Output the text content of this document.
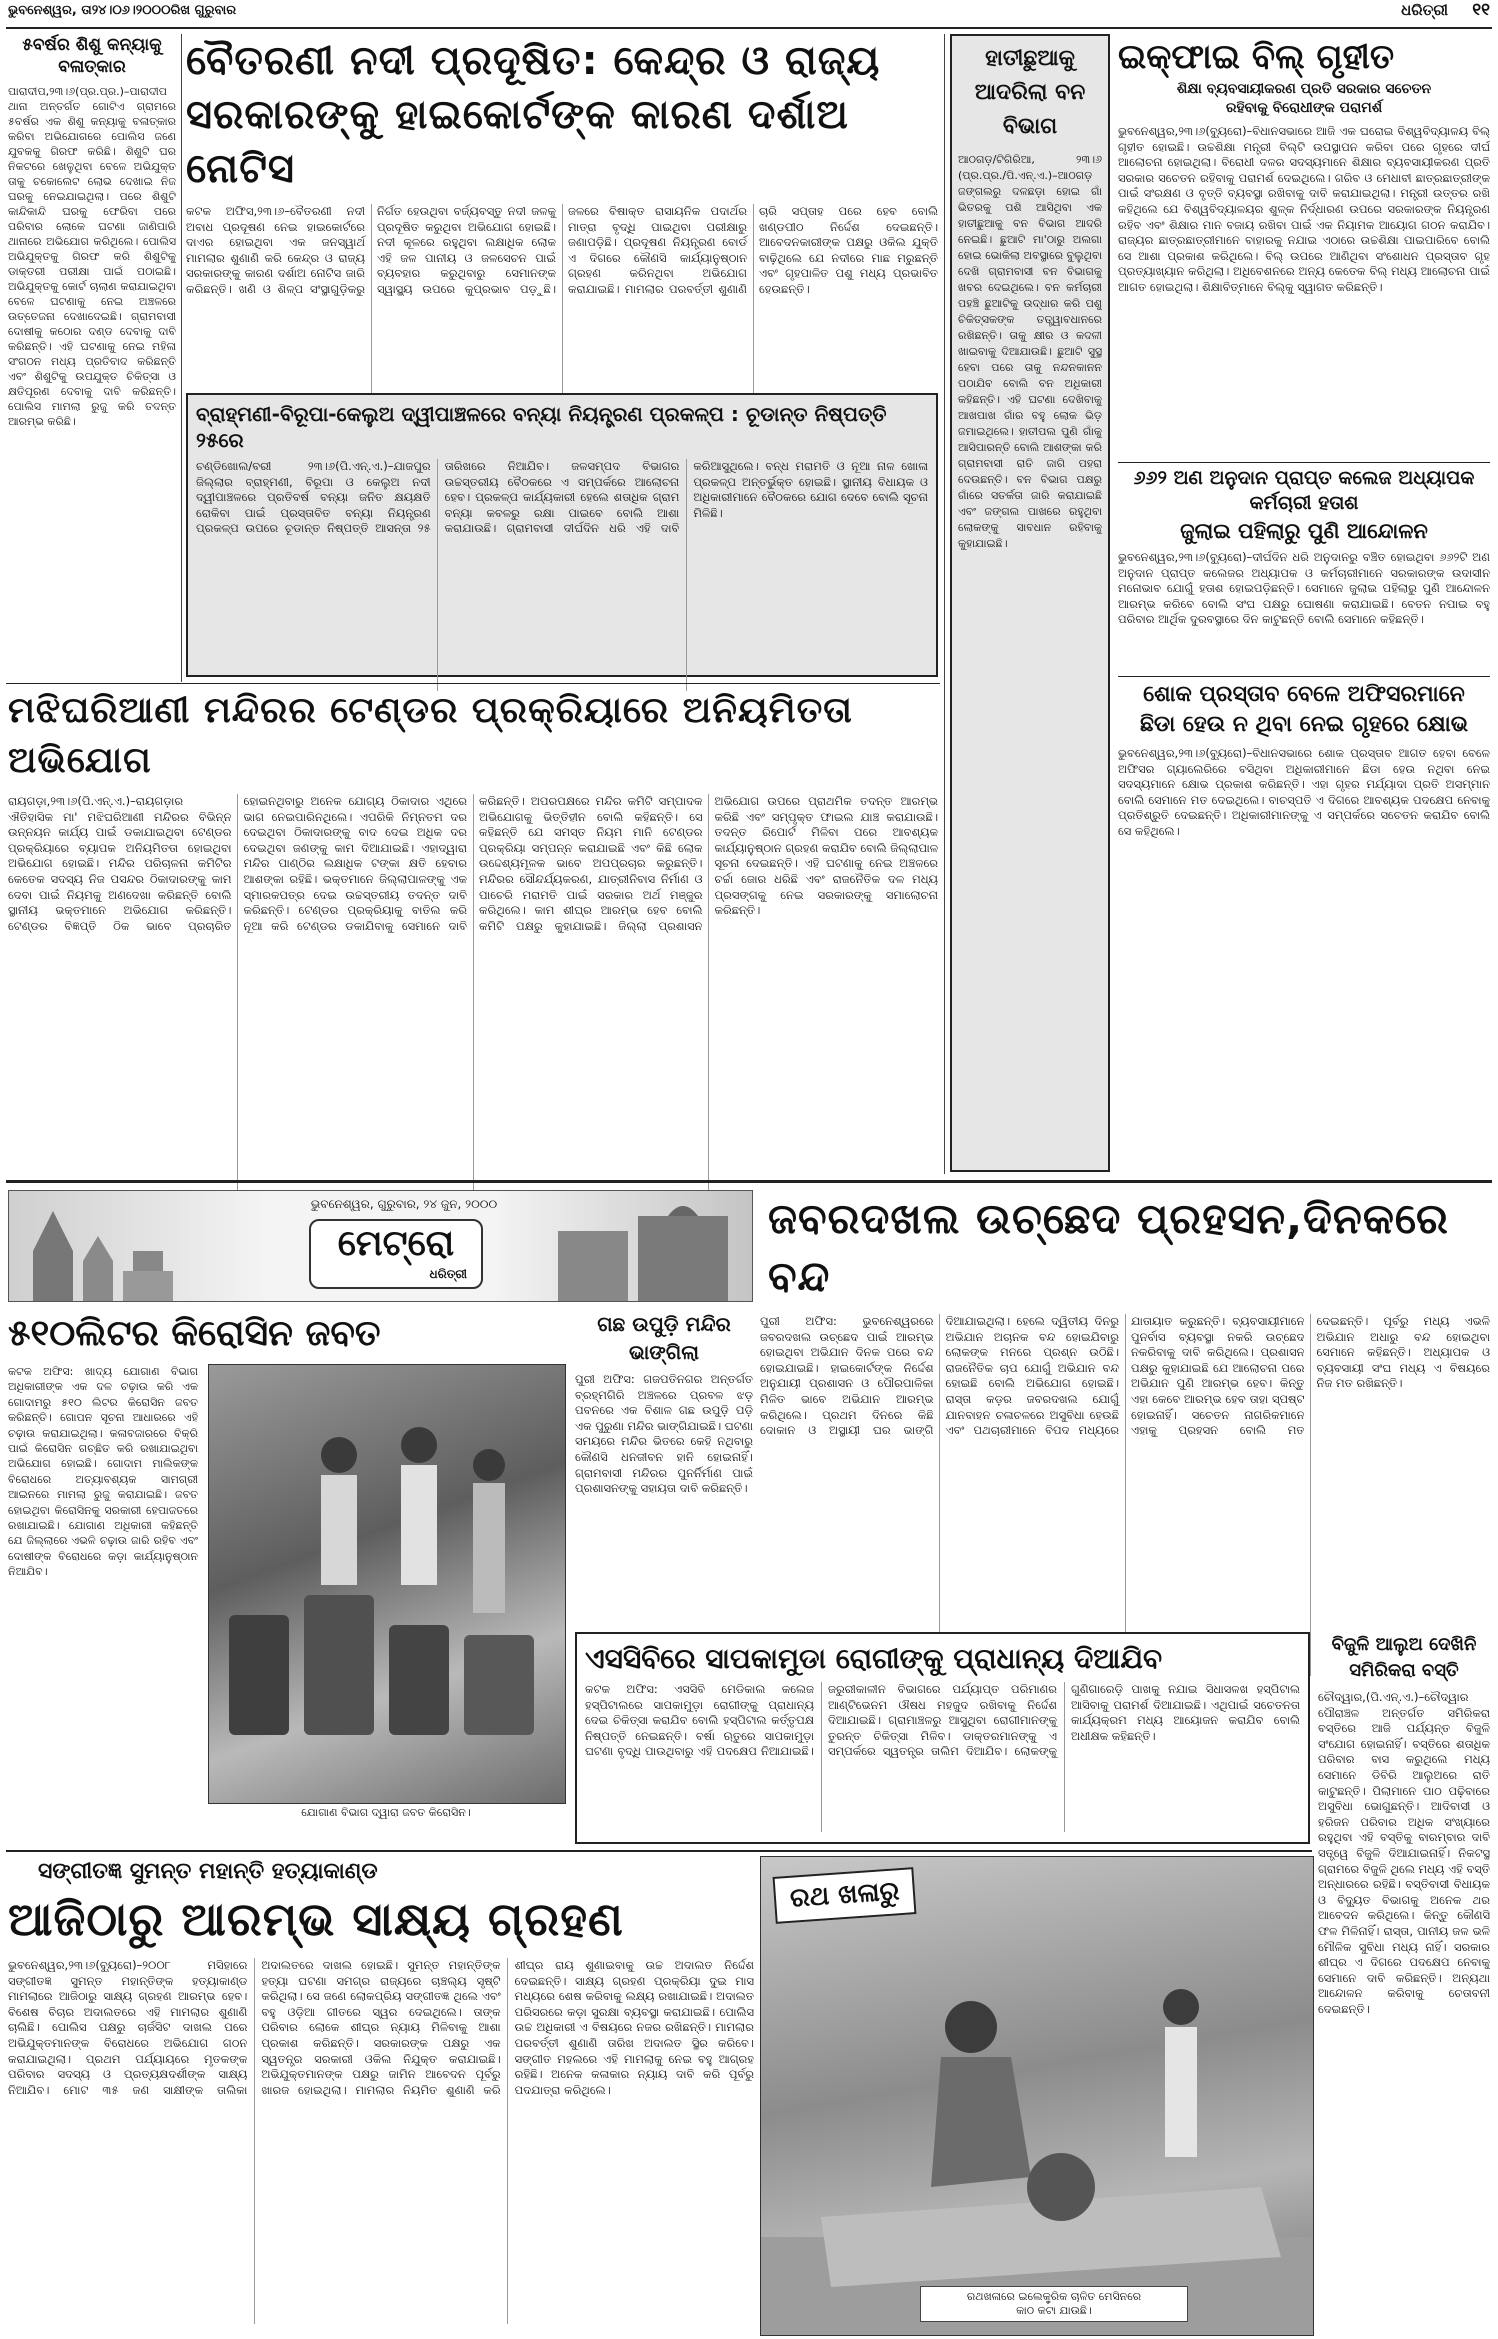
ଭୁବନେଶ୍ୱର, ତା୨୪।୦୬।୨୦୦୦ରିଖ ଗୁରୁବାର	ଧରିତ୍ରୀ ୧୧
୫ବର୍ଷର ଶିଶୁ କନ୍ୟାକୁ ବଳାତ୍କାର
ପାରାଦୀପ,୨୩।୬(ପ୍ର.ପ୍ର.)–ପାରାଦୀପ ଥାନା ଅନ୍ତର୍ଗତ ଗୋଟିଏ ଗ୍ରାମରେ ୫ବର୍ଷର ଏକ ଶିଶୁ କନ୍ୟାକୁ ବଳାତ୍କାର କରିବା ଅଭିଯୋଗରେ ପୋଲିସ ଜଣେ ଯୁବକକୁ ଗିରଫ କରିଛି। ଶିଶୁଟି ଘର ନିକଟରେ ଖେଳୁଥିବା ବେଳେ ଅଭିଯୁକ୍ତ ତାକୁ ଚକୋଲେଟ ଲୋଭ ଦେଖାଇ ନିଜ ଘରକୁ ନେଇଯାଇଥିଲା। ପରେ ଶିଶୁଟି କାନ୍ଦିକାନ୍ଦି ଘରକୁ ଫେରିବା ପରେ ପରିବାର ଲୋକେ ଘଟଣା ଜାଣିପାରି ଥାନାରେ ଅଭିଯୋଗ କରିଥିଲେ। ପୋଲିସ ଅଭିଯୁକ୍ତକୁ ଗିରଫ କରି ଶିଶୁଟିକୁ ଡାକ୍ତରୀ ପରୀକ୍ଷା ପାଇଁ ପଠାଇଛି। ଅଭିଯୁକ୍ତକୁ କୋର୍ଟ ଚାଲାଣ କରାଯାଇଥିବା ବେଳେ ଘଟଣାକୁ ନେଇ ଅଞ୍ଚଳରେ ଉତ୍ତେଜନା ଦେଖାଦେଇଛି। ଗ୍ରାମବାସୀ ଦୋଷୀକୁ କଠୋର ଦଣ୍ଡ ଦେବାକୁ ଦାବି କରିଛନ୍ତି। ଏହି ଘଟଣାକୁ ନେଇ ମହିଳା ସଂଗଠନ ମଧ୍ୟ ପ୍ରତିବାଦ କରିଛନ୍ତି ଏବଂ ଶିଶୁଟିକୁ ଉପଯୁକ୍ତ ଚିକିତ୍ସା ଓ କ୍ଷତିପୂରଣ ଦେବାକୁ ଦାବି କରିଛନ୍ତି। ପୋଲିସ ମାମଲା ରୁଜୁ କରି ତଦନ୍ତ ଆରମ୍ଭ କରିଛି।
ବୈତରଣୀ ନଦୀ ପ୍ରଦୂଷିତ: କେନ୍ଦ୍ର ଓ ରାଜ୍ୟ
ସରକାରଙ୍କୁ ହାଇକୋର୍ଟଙ୍କ କାରଣ ଦର୍ଶାଅ ନୋଟିସ
କଟକ ଅଫିସ,୨୩।୬–ବୈତରଣୀ ନଦୀ ଅବାଧ ପ୍ରଦୂଷଣ ନେଇ ହାଇକୋର୍ଟରେ ଦାଏର ହୋଇଥିବା ଏକ ଜନସ୍ୱାର୍ଥ ମାମଲାର ଶୁଣାଣି କରି କେନ୍ଦ୍ର ଓ ରାଜ୍ୟ ସରକାରଙ୍କୁ କାରଣ ଦର୍ଶାଅ ନୋଟିସ ଜାରି କରିଛନ୍ତି। ଖଣି ଓ ଶିଳ୍ପ ସଂସ୍ଥାଗୁଡ଼ିକରୁ ନିର୍ଗତ ହେଉଥିବା ବର୍ଜ୍ୟବସ୍ତୁ ନଦୀ ଜଳକୁ ପ୍ରଦୂଷିତ କରୁଥିବା ଅଭିଯୋଗ ହୋଇଛି। ନଦୀ କୂଳରେ ରହୁଥିବା ଲକ୍ଷାଧିକ ଲୋକ ଏହି ଜଳ ପାନୀୟ ଓ ଜଳସେଚନ ପାଇଁ ବ୍ୟବହାର କରୁଥିବାରୁ ସେମାନଙ୍କ ସ୍ୱାସ୍ଥ୍ୟ ଉପରେ କୁପ୍ରଭାବ ପଡ଼ୁଛି। ଜଳରେ ବିଷାକ୍ତ ରାସାୟନିକ ପଦାର୍ଥର ମାତ୍ରା ବୃଦ୍ଧି ପାଇଥିବା ପରୀକ୍ଷାରୁ ଜଣାପଡ଼ିଛି। ପ୍ରଦୂଷଣ ନିୟନ୍ତ୍ରଣ ବୋର୍ଡ ଏ ଦିଗରେ କୌଣସି କାର୍ଯ୍ୟାନୁଷ୍ଠାନ ଗ୍ରହଣ କରିନଥିବା ଅଭିଯୋଗ କରାଯାଇଛି। ମାମଲାର ପରବର୍ତ୍ତୀ ଶୁଣାଣି ଚାରି ସପ୍ତାହ ପରେ ହେବ ବୋଲି ଖଣ୍ଡପୀଠ ନିର୍ଦ୍ଦେଶ ଦେଇଛନ୍ତି। ଆବେଦନକାରୀଙ୍କ ପକ୍ଷରୁ ଓକିଲ ଯୁକ୍ତି ବାଢ଼ିଥିଲେ ଯେ ନଦୀରେ ମାଛ ମରୁଛନ୍ତି ଏବଂ ଗୃହପାଳିତ ପଶୁ ମଧ୍ୟ ପ୍ରଭାବିତ ହେଉଛନ୍ତି।
ବ୍ରାହ୍ମଣୀ-ବିରୂପା-କେଲୁଅ ଦ୍ୱୀପାଞ୍ଚଳରେ ବନ୍ୟା ନିୟନ୍ତ୍ରଣ ପ୍ରକଳ୍ପ : ଚୂଡାନ୍ତ ନିଷ୍ପତ୍ତି ୨୫ରେ
ଚଣ୍ଡିଖୋଲ/ବରୀ ୨୩।୬(ପି.ଏନ୍.ଏ.)–ଯାଜପୁର ଜିଲ୍ଲାର ବ୍ରାହ୍ମଣୀ, ବିରୂପା ଓ କେଲୁଅ ନଦୀ ଦ୍ୱୀପାଞ୍ଚଳରେ ପ୍ରତିବର୍ଷ ବନ୍ୟା ଜନିତ କ୍ଷୟକ୍ଷତି ରୋକିବା ପାଇଁ ପ୍ରସ୍ତାବିତ ବନ୍ୟା ନିୟନ୍ତ୍ରଣ ପ୍ରକଳ୍ପ ଉପରେ ଚୂଡାନ୍ତ ନିଷ୍ପତ୍ତି ଆସନ୍ତା ୨୫ ତାରିଖରେ ନିଆଯିବ। ଜଳସମ୍ପଦ ବିଭାଗର ଉଚ୍ଚସ୍ତରୀୟ ବୈଠକରେ ଏ ସମ୍ପର୍କରେ ଆଲୋଚନା ହେବ। ପ୍ରକଳ୍ପ କାର୍ଯ୍ୟକାରୀ ହେଲେ ଶତାଧିକ ଗ୍ରାମ ବନ୍ୟା କବଳରୁ ରକ୍ଷା ପାଇବେ ବୋଲି ଆଶା କରାଯାଉଛି। ଗ୍ରାମବାସୀ ଦୀର୍ଘଦିନ ଧରି ଏହି ଦାବି କରିଆସୁଥିଲେ। ବନ୍ଧ ମରାମତି ଓ ନୂଆ ନାଳ ଖୋଳା ପ୍ରକଳ୍ପ ଅନ୍ତର୍ଭୁକ୍ତ ହୋଇଛି। ସ୍ଥାନୀୟ ବିଧାୟକ ଓ ଅଧିକାରୀମାନେ ବୈଠକରେ ଯୋଗ ଦେବେ ବୋଲି ସୂଚନା ମିଳିଛି।
ହାତୀଛୁଆକୁ ଆଦରିଲା ବନ ବିଭାଗ
ଆଠଗଡ଼/ଟିଗିରିଆ, ୨୩।୬ (ପ୍ର.ପ୍ର./ପି.ଏନ୍.ଏ.)–ଆଠଗଡ଼ ଜଙ୍ଗଲରୁ ଦଳଛଡ଼ା ହୋଇ ଗାଁ ଭିତରକୁ ପଶି ଆସିଥିବା ଏକ ହାତୀଛୁଆକୁ ବନ ବିଭାଗ ଆଦରି ନେଇଛି। ଛୁଆଟି ମା'ଠାରୁ ଅଲଗା ହୋଇ ଭୋକିଲା ଅବସ୍ଥାରେ ବୁଲୁଥିବା ଦେଖି ଗ୍ରାମବାସୀ ବନ ବିଭାଗକୁ ଖବର ଦେଇଥିଲେ। ବନ କର୍ମଚାରୀ ପହଞ୍ଚି ଛୁଆଟିକୁ ଉଦ୍ଧାର କରି ପଶୁ ଚିକିତ୍ସକଙ୍କ ତତ୍ତ୍ୱାବଧାନରେ ରଖିଛନ୍ତି। ତାକୁ କ୍ଷୀର ଓ କଦଳୀ ଖାଇବାକୁ ଦିଆଯାଉଛି। ଛୁଆଟି ସୁସ୍ଥ ହେବା ପରେ ତାକୁ ନନ୍ଦନକାନନ ପଠାଯିବ ବୋଲି ବନ ଅଧିକାରୀ କହିଛନ୍ତି। ଏହି ଘଟଣା ଦେଖିବାକୁ ଆଖପାଖ ଗାଁର ବହୁ ଲୋକ ଭିଡ଼ ଜମାଇଥିଲେ। ହାତୀପଲ ପୁଣି ଗାଁକୁ ଆସିପାରନ୍ତି ବୋଲି ଆଶଙ୍କା କରି ଗ୍ରାମବାସୀ ରାତି ଜାଗି ପହରା ଦେଉଛନ୍ତି। ବନ ବିଭାଗ ପକ୍ଷରୁ ଗାଁରେ ସତର୍କତା ଜାରି କରାଯାଇଛି ଏବଂ ଜଙ୍ଗଲ ପାଖରେ ରହୁଥିବା ଲୋକଙ୍କୁ ସାବଧାନ ରହିବାକୁ କୁହାଯାଇଛି।
ଇକ୍‌ଫାଇ ବିଲ୍ ଗୃହୀତ
ଶିକ୍ଷା ବ୍ୟବସାୟୀକରଣ ପ୍ରତି ସରକାର ସଚେତନ
ରହିବାକୁ ବିରୋଧୀଙ୍କ ପରାମର୍ଶ
ଭୁବନେଶ୍ୱର,୨୩।୬(ବ୍ୟୁରୋ)–ବିଧାନସଭାରେ ଆଜି ଏକ ଘରୋଇ ବିଶ୍ୱବିଦ୍ୟାଳୟ ବିଲ୍ ଗୃହୀତ ହୋଇଛି। ଉଚ୍ଚଶିକ୍ଷା ମନ୍ତ୍ରୀ ବିଲ୍‌ଟି ଉପସ୍ଥାପନ କରିବା ପରେ ଗୃହରେ ଦୀର୍ଘ ଆଲୋଚନା ହୋଇଥିଲା। ବିରୋଧୀ ଦଳର ସଦସ୍ୟମାନେ ଶିକ୍ଷାର ବ୍ୟବସାୟୀକରଣ ପ୍ରତି ସରକାର ସଚେତନ ରହିବାକୁ ପରାମର୍ଶ ଦେଇଥିଲେ। ଗରିବ ଓ ମେଧାବୀ ଛାତ୍ରଛାତ୍ରୀଙ୍କ ପାଇଁ ସଂରକ୍ଷଣ ଓ ବୃତ୍ତି ବ୍ୟବସ୍ଥା ରଖିବାକୁ ଦାବି କରାଯାଇଥିଲା। ମନ୍ତ୍ରୀ ଉତ୍ତର ରଖି କହିଥିଲେ ଯେ ବିଶ୍ୱବିଦ୍ୟାଳୟର ଶୁଳ୍କ ନିର୍ଦ୍ଧାରଣ ଉପରେ ସରକାରଙ୍କ ନିୟନ୍ତ୍ରଣ ରହିବ ଏବଂ ଶିକ୍ଷାର ମାନ ବଜାୟ ରଖିବା ପାଇଁ ଏକ ନିୟାମକ ଆୟୋଗ ଗଠନ କରାଯିବ। ରାଜ୍ୟର ଛାତ୍ରଛାତ୍ରୀମାନେ ବାହାରକୁ ନଯାଇ ଏଠାରେ ଉଚ୍ଚଶିକ୍ଷା ପାଇପାରିବେ ବୋଲି ସେ ଆଶା ପ୍ରକାଶ କରିଥିଲେ। ବିଲ୍ ଉପରେ ଆଣିଥିବା ସଂଶୋଧନ ପ୍ରସ୍ତାବ ଗୃହ ପ୍ରତ୍ୟାଖ୍ୟାନ କରିଥିଲା। ଅଧିବେଶନରେ ଅନ୍ୟ କେତେକ ବିଲ୍ ମଧ୍ୟ ଆଲୋଚନା ପାଇଁ ଆଗତ ହୋଇଥିଲା। ଶିକ୍ଷାବିତ୍‌ମାନେ ବିଲ୍‌କୁ ସ୍ୱାଗତ କରିଛନ୍ତି।
୬୬୨ ଅଣ ଅନୁଦାନ ପ୍ରାପ୍ତ କଲେଜ ଅଧ୍ୟାପକ କର୍ମଚାରୀ ହତାଶ
ଜୁଲାଇ ପହିଲାରୁ ପୁଣି ଆନ୍ଦୋଳନ
ଭୁବନେଶ୍ୱର,୨୩।୬(ବ୍ୟୁରୋ)–ଦୀର୍ଘଦିନ ଧରି ଅନୁଦାନରୁ ବଞ୍ଚିତ ହୋଇଥିବା ୬୬୨ଟି ଅଣ ଅନୁଦାନ ପ୍ରାପ୍ତ କଲେଜର ଅଧ୍ୟାପକ ଓ କର୍ମଚାରୀମାନେ ସରକାରଙ୍କ ଉଦାସୀନ ମନୋଭାବ ଯୋଗୁଁ ହତାଶ ହୋଇପଡ଼ିଛନ୍ତି। ସେମାନେ ଜୁଲାଇ ପହିଲାରୁ ପୁଣି ଆନ୍ଦୋଳନ ଆରମ୍ଭ କରିବେ ବୋଲି ସଂଘ ପକ୍ଷରୁ ଘୋଷଣା କରାଯାଇଛି। ବେତନ ନପାଇ ବହୁ ପରିବାର ଆର୍ଥିକ ଦୁରବସ୍ଥାରେ ଦିନ କାଟୁଛନ୍ତି ବୋଲି ସେମାନେ କହିଛନ୍ତି।
ଶୋକ ପ୍ରସ୍ତାବ ବେଳେ ଅଫିସରମାନେ
ଛିଡା ହେଉ ନ ଥିବା ନେଇ ଗୃହରେ କ୍ଷୋଭ
ଭୁବନେଶ୍ୱର,୨୩।୬(ବ୍ୟୁରୋ)–ବିଧାନସଭାରେ ଶୋକ ପ୍ରସ୍ତାବ ଆଗତ ହେବା ବେଳେ ଅଫିସର ଗ୍ୟାଲେରିରେ ବସିଥିବା ଅଧିକାରୀମାନେ ଛିଡା ହେଉ ନଥିବା ନେଇ ସଦସ୍ୟମାନେ କ୍ଷୋଭ ପ୍ରକାଶ କରିଛନ୍ତି। ଏହା ଗୃହର ମର୍ଯ୍ୟାଦା ପ୍ରତି ଅସମ୍ମାନ ବୋଲି ସେମାନେ ମତ ଦେଇଥିଲେ। ବାଚସ୍ପତି ଏ ଦିଗରେ ଆବଶ୍ୟକ ପଦକ୍ଷେପ ନେବାକୁ ପ୍ରତିଶ୍ରୁତି ଦେଇଛନ୍ତି। ଅଧିକାରୀମାନଙ୍କୁ ଏ ସମ୍ପର୍କରେ ସଚେତନ କରାଯିବ ବୋଲି ସେ କହିଥିଲେ।
ମଝିଘରିଆଣୀ ମନ୍ଦିରର ଟେଣ୍ଡର ପ୍ରକ୍ରିୟାରେ ଅନିୟମିତତା ଅଭିଯୋଗ
ରାୟଗଡ଼ା,୨୩।୬(ପି.ଏନ୍.ଏ.)–ରାୟଗଡ଼ାର ଐତିହାସିକ ମା' ମଝିଘରିଆଣୀ ମନ୍ଦିରର ବିଭିନ୍ନ ଉନ୍ନୟନ କାର୍ଯ୍ୟ ପାଇଁ ଡକାଯାଇଥିବା ଟେଣ୍ଡର ପ୍ରକ୍ରିୟାରେ ବ୍ୟାପକ ଅନିୟମିତତା ହୋଇଥିବା ଅଭିଯୋଗ ହୋଇଛି। ମନ୍ଦିର ପରିଚାଳନା କମିଟିର କେତେକ ସଦସ୍ୟ ନିଜ ପସନ୍ଦର ଠିକାଦାରଙ୍କୁ କାମ ଦେବା ପାଇଁ ନିୟମକୁ ଅଣଦେଖା କରିଛନ୍ତି ବୋଲି ସ୍ଥାନୀୟ ଭକ୍ତମାନେ ଅଭିଯୋଗ କରିଛନ୍ତି। ଟେଣ୍ଡର ବିଜ୍ଞପ୍ତି ଠିକ ଭାବେ ପ୍ରଚାରିତ ହୋଇନଥିବାରୁ ଅନେକ ଯୋଗ୍ୟ ଠିକାଦାର ଏଥିରେ ଭାଗ ନେଇପାରିନଥିଲେ। ଏପରିକି ନିମ୍ନତମ ଦର ଦେଇଥିବା ଠିକାଦାରଙ୍କୁ ବାଦ ଦେଇ ଅଧିକ ଦର ଦେଇଥିବା ଜଣଙ୍କୁ କାମ ଦିଆଯାଇଛି। ଏହାଦ୍ୱାରା ମନ୍ଦିର ପାଣ୍ଠିର ଲକ୍ଷାଧିକ ଟଙ୍କା କ୍ଷତି ହେବାର ଆଶଙ୍କା ରହିଛି। ଭକ୍ତମାନେ ଜିଲ୍ଲାପାଳଙ୍କୁ ଏକ ସ୍ମାରକପତ୍ର ଦେଇ ଉଚ୍ଚସ୍ତରୀୟ ତଦନ୍ତ ଦାବି କରିଛନ୍ତି। ଟେଣ୍ଡର ପ୍ରକ୍ରିୟାକୁ ବାତିଲ କରି ନୂଆ କରି ଟେଣ୍ଡର ଡକାଯିବାକୁ ସେମାନେ ଦାବି କରିଛନ୍ତି। ଅପରପକ୍ଷରେ ମନ୍ଦିର କମିଟି ସମ୍ପାଦକ ଅଭିଯୋଗକୁ ଭିତ୍ତିହୀନ ବୋଲି କହିଛନ୍ତି। ସେ କହିଛନ୍ତି ଯେ ସମସ୍ତ ନିୟମ ମାନି ଟେଣ୍ଡର ପ୍ରକ୍ରିୟା ସମ୍ପନ୍ନ କରାଯାଇଛି ଏବଂ କିଛି ଲୋକ ଉଦ୍ଦେଶ୍ୟମୂଳକ ଭାବେ ଅପପ୍ରଚାର କରୁଛନ୍ତି। ମନ୍ଦିରର ସୌନ୍ଦର୍ଯ୍ୟକରଣ, ଯାତ୍ରୀନିବାସ ନିର୍ମାଣ ଓ ପାଚେରି ମରାମତି ପାଇଁ ସରକାର ଅର୍ଥ ମଞ୍ଜୁର କରିଥିଲେ। କାମ ଶୀଘ୍ର ଆରମ୍ଭ ହେବ ବୋଲି କମିଟି ପକ୍ଷରୁ କୁହାଯାଇଛି। ଜିଲ୍ଲା ପ୍ରଶାସନ ଅଭିଯୋଗ ଉପରେ ପ୍ରାଥମିକ ତଦନ୍ତ ଆରମ୍ଭ କରିଛି ଏବଂ ସମ୍ପୃକ୍ତ ଫାଇଲ ଯାଞ୍ଚ କରାଯାଉଛି। ତଦନ୍ତ ରିପୋର୍ଟ ମିଳିବା ପରେ ଆବଶ୍ୟକ କାର୍ଯ୍ୟାନୁଷ୍ଠାନ ଗ୍ରହଣ କରାଯିବ ବୋଲି ଜିଲ୍ଲାପାଳ ସୂଚନା ଦେଇଛନ୍ତି। ଏହି ଘଟଣାକୁ ନେଇ ଅଞ୍ଚଳରେ ଚର୍ଚ୍ଚା ଜୋର ଧରିଛି ଏବଂ ରାଜନୈତିକ ଦଳ ମଧ୍ୟ ପ୍ରସଙ୍ଗକୁ ନେଇ ସରକାରଙ୍କୁ ସମାଲୋଚନା କରିଛନ୍ତି।
ଭୁବନେଶ୍ୱର, ଗୁରୁବାର, ୨୪ ଜୁନ, ୨୦୦୦
ମେଟ୍ରୋ
ଧରିତ୍ରୀ
ଜବରଦଖଲ ଉଚ୍ଛେଦ ପ୍ରହସନ,ଦିନକରେ ବନ୍ଦ
ପୁରୀ ଅଫିସ: ଭୁବନେଶ୍ୱରରେ ଜବରଦଖଲ ଉଚ୍ଛେଦ ପାଇଁ ଆରମ୍ଭ ହୋଇଥିବା ଅଭିଯାନ ଦିନକ ପରେ ବନ୍ଦ ହୋଇଯାଇଛି। ହାଇକୋର୍ଟଙ୍କ ନିର୍ଦ୍ଦେଶ ଅନୁଯାୟୀ ପ୍ରଶାସନ ଓ ପୌରପାଳିକା ମିଳିତ ଭାବେ ଅଭିଯାନ ଆରମ୍ଭ କରିଥିଲେ। ପ୍ରଥମ ଦିନରେ କିଛି ଦୋକାନ ଓ ଅସ୍ଥାୟୀ ଘର ଭାଙ୍ଗି ଦିଆଯାଇଥିଲା। ହେଲେ ଦ୍ୱିତୀୟ ଦିନରୁ ଅଭିଯାନ ଅଚାନକ ବନ୍ଦ ହୋଇଯିବାରୁ ଲୋକଙ୍କ ମନରେ ପ୍ରଶ୍ନ ଉଠିଛି। ରାଜନୈତିକ ଚାପ ଯୋଗୁଁ ଅଭିଯାନ ବନ୍ଦ ହୋଇଛି ବୋଲି ଅଭିଯୋଗ ହୋଇଛି। ରାସ୍ତା କଡ଼ର ଜବରଦଖଲ ଯୋଗୁଁ ଯାନବାହନ ଚଳାଚଳରେ ଅସୁବିଧା ହେଉଛି ଏବଂ ପଥଚାରୀମାନେ ବିପଦ ମଧ୍ୟରେ ଯାତାୟାତ କରୁଛନ୍ତି। ବ୍ୟବସାୟୀମାନେ ପୁନର୍ବାସ ବ୍ୟବସ୍ଥା ନକରି ଉଚ୍ଛେଦ ନକରିବାକୁ ଦାବି କରିଥିଲେ। ପ୍ରଶାସନ ପକ୍ଷରୁ କୁହାଯାଇଛି ଯେ ଆଲୋଚନା ପରେ ଅଭିଯାନ ପୁଣି ଆରମ୍ଭ ହେବ। କିନ୍ତୁ ଏହା କେବେ ଆରମ୍ଭ ହେବ ତାହା ସ୍ପଷ୍ଟ ହୋଇନାହିଁ। ସଚେତନ ନାଗରିକମାନେ ଏହାକୁ ପ୍ରହସନ ବୋଲି ମତ ଦେଇଛନ୍ତି। ପୂର୍ବରୁ ମଧ୍ୟ ଏଭଳି ଅଭିଯାନ ଅଧାରୁ ବନ୍ଦ ହୋଇଥିବା ସେମାନେ କହିଛନ୍ତି। ଅଧ୍ୟାପକ ଓ ବ୍ୟବସାୟୀ ସଂଘ ମଧ୍ୟ ଏ ବିଷୟରେ ନିଜ ମତ ରଖିଛନ୍ତି।
୫୧୦ଲିଟର କିରୋସିନ ଜବତ
କଟକ ଅଫିସ: ଖାଦ୍ୟ ଯୋଗାଣ ବିଭାଗ ଅଧିକାରୀଙ୍କ ଏକ ଦଳ ଚଢ଼ାଉ କରି ଏକ ଗୋଦାମରୁ ୫୧୦ ଲିଟର କିରୋସିନ ଜବତ କରିଛନ୍ତି। ଗୋପନ ସୂଚନା ଆଧାରରେ ଏହି ଚଢ଼ାଉ କରାଯାଇଥିଲା। କଳାବଜାରରେ ବିକ୍ରି ପାଇଁ କିରୋସିନ ଗଚ୍ଛିତ କରି ରଖାଯାଇଥିବା ଅଭିଯୋଗ ହୋଇଛି। ଗୋଦାମ ମାଲିକଙ୍କ ବିରୋଧରେ ଅତ୍ୟାବଶ୍ୟକ ସାମଗ୍ରୀ ଆଇନରେ ମାମଲା ରୁଜୁ କରାଯାଇଛି। ଜବତ ହୋଇଥିବା କିରୋସିନକୁ ସରକାରୀ ହେପାଜତରେ ରଖାଯାଇଛି। ଯୋଗାଣ ଅଧିକାରୀ କହିଛନ୍ତି ଯେ ଜିଲ୍ଲାରେ ଏଭଳି ଚଢ଼ାଉ ଜାରି ରହିବ ଏବଂ ଦୋଷୀଙ୍କ ବିରୋଧରେ କଡ଼ା କାର୍ଯ୍ୟାନୁଷ୍ଠାନ ନିଆଯିବ।
ଯୋଗାଣ ବିଭାଗ ଦ୍ୱାରା ଜବତ କିରୋସିନ।
ଗଛ ଉପୁଡ଼ି ମନ୍ଦିର ଭାଙ୍ଗିଲା
ପୁରୀ ଅଫିସ: ଗଜପତିନଗର ଅନ୍ତର୍ଗତ ବ୍ରହ୍ମଗିରି ଅଞ୍ଚଳରେ ପ୍ରବଳ ଝଡ଼ ପବନରେ ଏକ ବିଶାଳ ଗଛ ଉପୁଡ଼ି ପଡ଼ି ଏକ ପୁରୁଣା ମନ୍ଦିର ଭାଙ୍ଗିଯାଇଛି। ଘଟଣା ସମୟରେ ମନ୍ଦିର ଭିତରେ କେହି ନଥିବାରୁ କୌଣସି ଧନଜୀବନ ହାନି ହୋଇନାହିଁ। ଗ୍ରାମବାସୀ ମନ୍ଦିରର ପୁନର୍ନିର୍ମାଣ ପାଇଁ ପ୍ରଶାସନଙ୍କୁ ସହାୟତା ଦାବି କରିଛନ୍ତି।
ଏସସିବିରେ ସାପକାମୁଡା ରୋଗୀଙ୍କୁ ପ୍ରାଧାନ୍ୟ ଦିଆଯିବ
କଟକ ଅଫିସ: ଏସସିବି ମେଡିକାଲ କଲେଜ ହସ୍ପିଟାଲରେ ସାପକାମୁଡ଼ା ରୋଗୀଙ୍କୁ ପ୍ରାଧାନ୍ୟ ଦେଇ ଚିକିତ୍ସା କରାଯିବ ବୋଲି ହସ୍ପିଟାଲ କର୍ତ୍ତୃପକ୍ଷ ନିଷ୍ପତ୍ତି ନେଇଛନ୍ତି। ବର୍ଷା ଋତୁରେ ସାପକାମୁଡ଼ା ଘଟଣା ବୃଦ୍ଧି ପାଉଥିବାରୁ ଏହି ପଦକ୍ଷେପ ନିଆଯାଇଛି। ଜରୁରୀକାଳୀନ ବିଭାଗରେ ପର୍ଯ୍ୟାପ୍ତ ପରିମାଣର ଆଣ୍ଟିଭେନମ ଔଷଧ ମହଜୁଦ ରଖିବାକୁ ନିର୍ଦ୍ଦେଶ ଦିଆଯାଇଛି। ଗ୍ରାମାଞ୍ଚଳରୁ ଆସୁଥିବା ରୋଗୀମାନଙ୍କୁ ତୁରନ୍ତ ଚିକିତ୍ସା ମିଳିବ। ଡାକ୍ତରମାନଙ୍କୁ ଏ ସମ୍ପର୍କରେ ସ୍ୱତନ୍ତ୍ର ତାଲିମ ଦିଆଯିବ। ଲୋକଙ୍କୁ ଗୁଣିଗାରେଡ଼ି ପାଖକୁ ନଯାଇ ସିଧାସଳଖ ହସ୍ପିଟାଲ ଆସିବାକୁ ପରାମର୍ଶ ଦିଆଯାଇଛି। ଏଥିପାଇଁ ସଚେତନତା କାର୍ଯ୍ୟକ୍ରମ ମଧ୍ୟ ଆୟୋଜନ କରାଯିବ ବୋଲି ଅଧୀକ୍ଷକ କହିଛନ୍ତି।
ବିଜୁଳି ଆଲୁଅ ଦେଖିନି ସମିରିକରା ବସ୍ତି
ଚୌଦ୍ୱାର,(ପି.ଏନ୍.ଏ.)–ଚୌଦ୍ୱାର ପୌରାଞ୍ଚଳ ଅନ୍ତର୍ଗତ ସମିରିକରା ବସ୍ତିରେ ଆଜି ପର୍ଯ୍ୟନ୍ତ ବିଜୁଳି ସଂଯୋଗ ହୋଇନାହିଁ। ବସ୍ତିରେ ଶତାଧିକ ପରିବାର ବାସ କରୁଥିଲେ ମଧ୍ୟ ସେମାନେ ଡିବିରି ଆଲୁଅରେ ରାତି କାଟୁଛନ୍ତି। ପିଲାମାନେ ପାଠ ପଢ଼ିବାରେ ଅସୁବିଧା ଭୋଗୁଛନ୍ତି। ଆଦିବାସୀ ଓ ହରିଜନ ପରିବାର ଅଧିକ ସଂଖ୍ୟାରେ ରହୁଥିବା ଏହି ବସ୍ତିକୁ ବାରମ୍ବାର ଦାବି ସତ୍ତ୍ୱେ ବିଜୁଳି ଦିଆଯାଇନାହିଁ। ନିକଟସ୍ଥ ଗ୍ରାମରେ ବିଜୁଳି ଥିଲେ ମଧ୍ୟ ଏହି ବସ୍ତି ଅନ୍ଧାରରେ ରହିଛି। ବସ୍ତିବାସୀ ବିଧାୟକ ଓ ବିଦ୍ୟୁତ ବିଭାଗକୁ ଅନେକ ଥର ଆବେଦନ କରିଥିଲେ। କିନ୍ତୁ କୌଣସି ଫଳ ମିଳିନାହିଁ। ରାସ୍ତା, ପାନୀୟ ଜଳ ଭଳି ମୌଳିକ ସୁବିଧା ମଧ୍ୟ ନାହିଁ। ସରକାର ଶୀଘ୍ର ଏ ଦିଗରେ ପଦକ୍ଷେପ ନେବାକୁ ସେମାନେ ଦାବି କରିଛନ୍ତି। ଅନ୍ୟଥା ଆନ୍ଦୋଳନ କରିବାକୁ ଚେତାବନୀ ଦେଇଛନ୍ତି।
ସଙ୍ଗୀତଜ୍ଞ ସୁମନ୍ତ ମହାନ୍ତି ହତ୍ୟାକାଣ୍ଡ
ଆଜିଠାରୁ ଆରମ୍ଭ ସାକ୍ଷ୍ୟ ଗ୍ରହଣ
ଭୁବନେଶ୍ୱର,୨୩।୬(ବ୍ୟୁରୋ)–୨୦୦୮ ମସିହାରେ ସଙ୍ଗୀତଜ୍ଞ ସୁମନ୍ତ ମହାନ୍ତିଙ୍କ ହତ୍ୟାକାଣ୍ଡ ମାମଲାରେ ଆଜିଠାରୁ ସାକ୍ଷ୍ୟ ଗ୍ରହଣ ଆରମ୍ଭ ହେବ। ବିଶେଷ ବିଚାର ଅଦାଲତରେ ଏହି ମାମଲାର ଶୁଣାଣି ଚାଲିଛି। ପୋଲିସ ପକ୍ଷରୁ ଚାର୍ଜସିଟ ଦାଖଲ ପରେ ଅଭିଯୁକ୍ତମାନଙ୍କ ବିରୋଧରେ ଅଭିଯୋଗ ଗଠନ କରାଯାଇଥିଲା। ପ୍ରଥମ ପର୍ଯ୍ୟାୟରେ ମୃତକଙ୍କ ପରିବାର ସଦସ୍ୟ ଓ ପ୍ରତ୍ୟକ୍ଷଦର୍ଶୀଙ୍କ ସାକ୍ଷ୍ୟ ନିଆଯିବ। ମୋଟ ୩୫ ଜଣ ସାକ୍ଷୀଙ୍କ ତାଲିକା ଅଦାଲତରେ ଦାଖଲ ହୋଇଛି। ସୁମନ୍ତ ମହାନ୍ତିଙ୍କ ହତ୍ୟା ଘଟଣା ସମଗ୍ର ରାଜ୍ୟରେ ଚାଞ୍ଚଲ୍ୟ ସୃଷ୍ଟି କରିଥିଲା। ସେ ଜଣେ ଲୋକପ୍ରିୟ ସଙ୍ଗୀତଜ୍ଞ ଥିଲେ ଏବଂ ବହୁ ଓଡ଼ିଆ ଗୀତରେ ସ୍ୱର ଦେଇଥିଲେ। ତାଙ୍କ ପରିବାର ଲୋକେ ଶୀଘ୍ର ନ୍ୟାୟ ମିଳିବାକୁ ଆଶା ପ୍ରକାଶ କରିଛନ୍ତି। ସରକାରଙ୍କ ପକ୍ଷରୁ ଏକ ସ୍ୱତନ୍ତ୍ର ସରକାରୀ ଓକିଲ ନିଯୁକ୍ତ କରାଯାଇଛି। ଅଭିଯୁକ୍ତମାନଙ୍କ ପକ୍ଷରୁ ଜାମିନ ଆବେଦନ ପୂର୍ବରୁ ଖାରଜ ହୋଇଥିଲା। ମାମଲାର ନିୟମିତ ଶୁଣାଣି କରି ଶୀଘ୍ର ରାୟ ଶୁଣାଇବାକୁ ଉଚ୍ଚ ଅଦାଲତ ନିର୍ଦ୍ଦେଶ ଦେଇଛନ୍ତି। ସାକ୍ଷ୍ୟ ଗ୍ରହଣ ପ୍ରକ୍ରିୟା ଦୁଇ ମାସ ମଧ୍ୟରେ ଶେଷ କରିବାକୁ ଲକ୍ଷ୍ୟ ରଖାଯାଇଛି। ଅଦାଲତ ପରିସରରେ କଡ଼ା ସୁରକ୍ଷା ବ୍ୟବସ୍ଥା କରାଯାଇଛି। ପୋଲିସ ଉଚ୍ଚ ଅଧିକାରୀ ଏ ବିଷୟରେ ନଜର ରଖିଛନ୍ତି। ମାମଲାର ପରବର୍ତ୍ତୀ ଶୁଣାଣି ତାରିଖ ଅଦାଲତ ସ୍ଥିର କରିବେ। ସଙ୍ଗୀତ ମହଲରେ ଏହି ମାମଲାକୁ ନେଇ ବହୁ ଆଗ୍ରହ ରହିଛି। ଅନେକ କଳାକାର ନ୍ୟାୟ ଦାବି କରି ପୂର୍ବରୁ ପଦଯାତ୍ରା କରିଥିଲେ।
ରଥ ଖଳାରୁ
ରଥଖଳାରେ ଇଲେକ୍ଟ୍ରିକ ଚାଳିତ ମେସିନରେ
କାଠ କଟା ଯାଉଛି।
